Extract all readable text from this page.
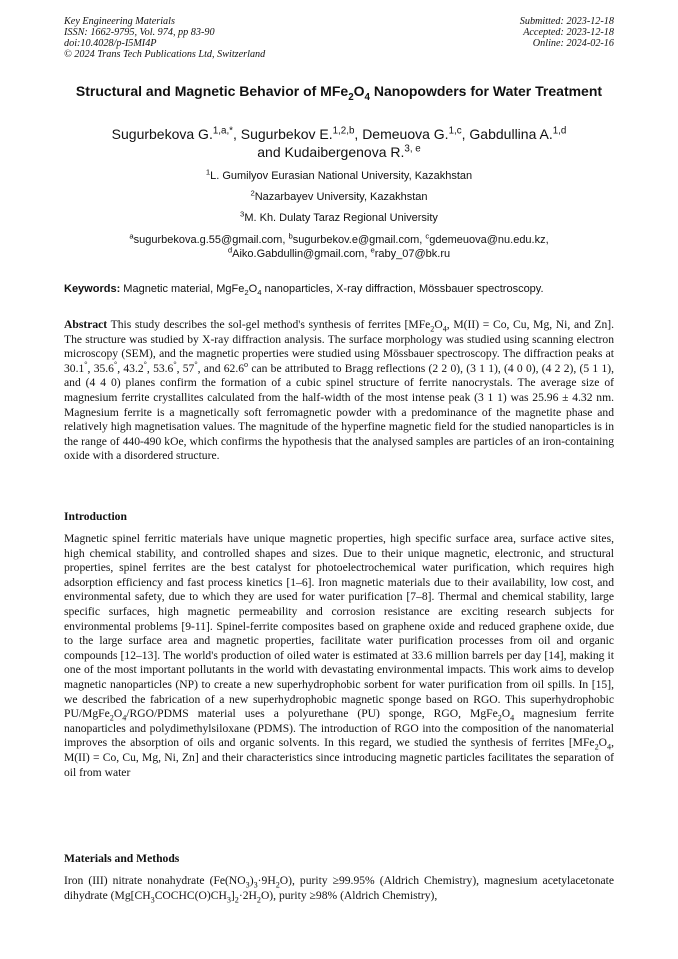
Key Engineering Materials
ISSN: 1662-9795, Vol. 974, pp 83-90
doi:10.4028/p-I5MI4P
© 2024 Trans Tech Publications Ltd, Switzerland
Submitted: 2023-12-18
Accepted: 2023-12-18
Online: 2024-02-16
Structural and Magnetic Behavior of $MFe_2O_4$ Nanopowders for Water Treatment
Sugurbekova G.$^{1,a,*}$, Sugurbekov E.$^{1,2,b}$, Demeuova G.$^{1,c}$, Gabdullina A.$^{1,d}$
and Kudaibergenova R.$^{3, e}$
$^1$L. Gumilyov Eurasian National University, Kazakhstan
$^2$Nazarbayev University, Kazakhstan
$^3$M. Kh. Dulaty Taraz Regional University
$^a$sugurbekova.g.55@gmail.com, $^b$sugurbekov.e@gmail.com, $^c$gdemeuova@nu.edu.kz,
$^d$Aiko.Gabdullin@gmail.com, $^e$raby_07@bk.ru
Keywords: Magnetic material, $MgFe_2O_4$ nanoparticles, X-ray diffraction, Mössbauer spectroscopy.
Abstract This study describes the sol-gel method's synthesis of ferrites [$MFe_2O_4$, M(II) = Co, Cu, Mg, Ni, and Zn]. The structure was studied by X-ray diffraction analysis. The surface morphology was studied using scanning electron microscopy (SEM), and the magnetic properties were studied using Mössbauer spectroscopy. The diffraction peaks at 30.1°, 35.6°, 43.2°, 53.6°, 57°, and 62.6$^o$ can be attributed to Bragg reflections (2 2 0), (3 1 1), (4 0 0), (4 2 2), (5 1 1), and (4 4 0) planes confirm the formation of a cubic spinel structure of ferrite nanocrystals. The average size of magnesium ferrite crystallites calculated from the half-width of the most intense peak (3 1 1) was 25.96 ± 4.32 nm. Magnesium ferrite is a magnetically soft ferromagnetic powder with a predominance of the magnetite phase and relatively high magnetisation values. The magnitude of the hyperfine magnetic field for the studied nanoparticles is in the range of 440-490 kOe, which confirms the hypothesis that the analysed samples are particles of an iron-containing oxide with a disordered structure.
Introduction
Magnetic spinel ferritic materials have unique magnetic properties, high specific surface area, surface active sites, high chemical stability, and controlled shapes and sizes. Due to their unique magnetic, electronic, and structural properties, spinel ferrites are the best catalyst for photoelectrochemical water purification, which requires high adsorption efficiency and fast process kinetics [1–6]. Iron magnetic materials due to their availability, low cost, and environmental safety, due to which they are used for water purification [7–8]. Thermal and chemical stability, large specific surfaces, high magnetic permeability and corrosion resistance are exciting research subjects for environmental problems [9-11]. Spinel-ferrite composites based on graphene oxide and reduced graphene oxide, due to the large surface area and magnetic properties, facilitate water purification processes from oil and organic compounds [12–13]. The world's production of oiled water is estimated at 33.6 million barrels per day [14], making it one of the most important pollutants in the world with devastating environmental impacts. This work aims to develop magnetic nanoparticles (NP) to create a new superhydrophobic sorbent for water purification from oil spills. In [15], we described the fabrication of a new superhydrophobic magnetic sponge based on RGO. This superhydrophobic $PU/MgFe_2O_4/RGO$/PDMS material uses a polyurethane (PU) sponge, RGO, $MgFe_2O_4$ magnesium ferrite nanoparticles and polydimethylsiloxane (PDMS). The introduction of RGO into the composition of the nanomaterial improves the absorption of oils and organic solvents. In this regard, we studied the synthesis of ferrites [$MFe_2O_4$, M(II) = Co, Cu, Mg, Ni, Zn] and their characteristics since introducing magnetic particles facilitates the separation of oil from water
Materials and Methods
Iron (III) nitrate nonahydrate $(Fe(NO_3)_3\cdot 9H_2O)$, purity ≥99.95% (Aldrich Chemistry), magnesium acetylacetonate dihydrate $(Mg[CH_3COCHC(O)CH_3]_2\cdot 2H_2O)$, purity ≥98% (Aldrich Chemistry),
